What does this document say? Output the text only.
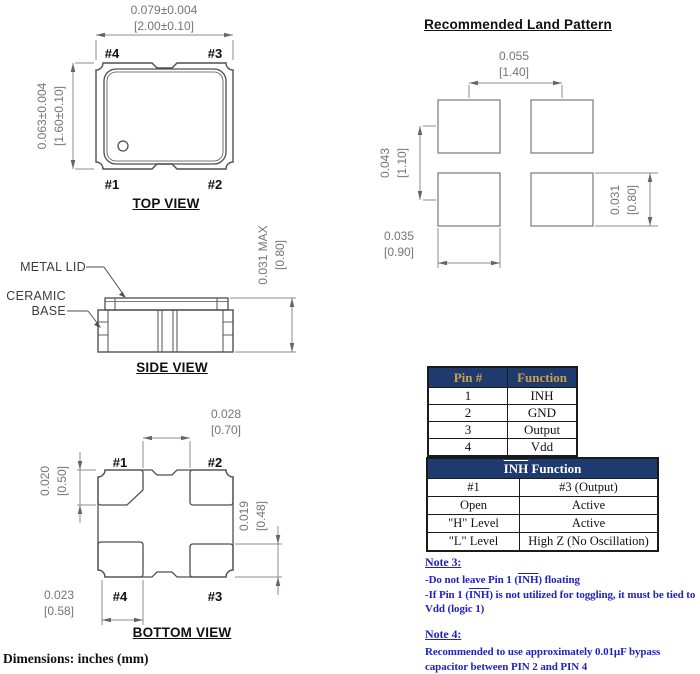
0.079±0.004
[2.00±0.10]
0.063±0.004 [1.60±0.10]
#4	#3
#1	#2
TOP VIEW
Recommended Land Pattern
0.055
[1.40]
0.043 [1.10]
0.035
[0.90]
0.031 [0.80]
0.031 MAX [0.80]
METAL LID
CERAMIC
BASE
SIDE VIEW
0.028
[0.70]
0.020 [0.50]
0.019 [0.48]
0.023
[0.58]
#1	#2
#4	#3
BOTTOM VIEW
Pin #	Function
1	$\overline{INH}$
2	GND
3	Output
4	Vdd
$\overline{INH}$ Function	
#1	#3 (Output)
Open	Active
"H" Level	Active
"L" Level	High Z (No Oscillation)
Note 3:
-Do not leave Pin 1 $(\overline{INH})$ floating
-If Pin 1 $(\overline{INH})$ is not utilized for toggling, it must be tied to
Vdd (logic 1)
Note 4:
Recommended to use approximately 0.01µF bypass
capacitor between PIN 2 and PIN 4
Dimensions: inches (mm)
